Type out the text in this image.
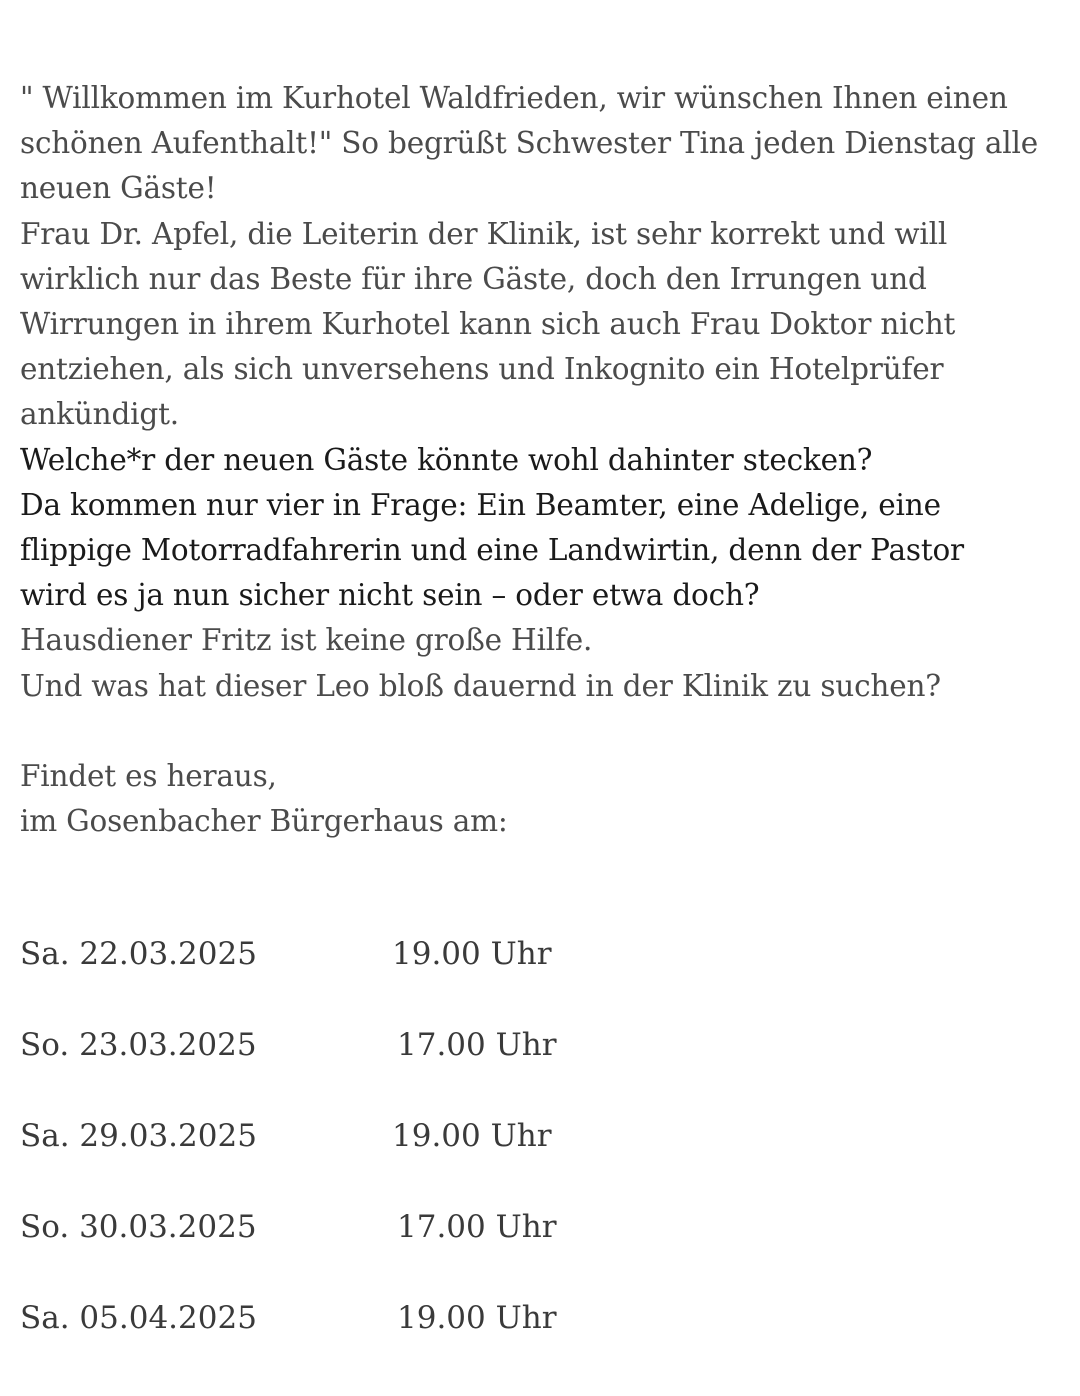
" Willkommen im Kurhotel Waldfrieden, wir wünschen Ihnen einen
schönen Aufenthalt!" So begrüßt Schwester Tina jeden Dienstag alle
neuen Gäste!
Frau Dr. Apfel, die Leiterin der Klinik, ist sehr korrekt und will
wirklich nur das Beste für ihre Gäste, doch den Irrungen und
Wirrungen in ihrem Kurhotel kann sich auch Frau Doktor nicht
entziehen, als sich unversehens und Inkognito ein Hotelprüfer
ankündigt.
Welche*r der neuen Gäste könnte wohl dahinter stecken?
Da kommen nur vier in Frage: Ein Beamter, eine Adelige, eine
flippige Motorradfahrerin und eine Landwirtin, denn der Pastor
wird es ja nun sicher nicht sein – oder etwa doch?
Hausdiener Fritz ist keine große Hilfe.
Und was hat dieser Leo bloß dauernd in der Klinik zu suchen?
Findet es heraus,
im Gosenbacher Bürgerhaus am:
Sa. 22.03.2025	19.00 Uhr
So. 23.03.2025	17.00 Uhr
Sa. 29.03.2025	19.00 Uhr
So. 30.03.2025	17.00 Uhr
Sa. 05.04.2025	19.00 Uhr
